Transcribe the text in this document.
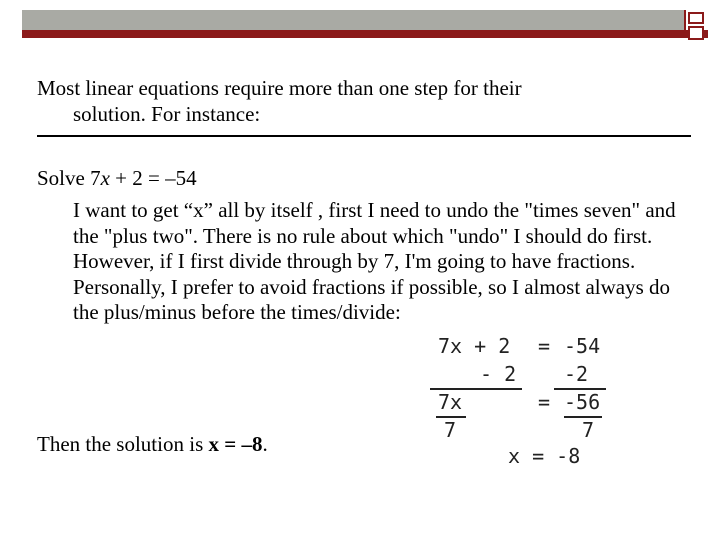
Most linear equations require more than one step for their
solution. For instance:
Solve 7x + 2 = –54
I want to get “x” all by itself , first I need to undo the "times seven" and the "plus two". There is no rule about which "undo" I should do first. However, if I first divide through by 7, I'm going to have fractions. Personally, I prefer to avoid fractions if possible, so I almost always do the plus/minus before the times/divide:
7x + 2 = -54
- 2 -2
7x	= -56
7	7
x = -8
Then the solution is x = –8.
